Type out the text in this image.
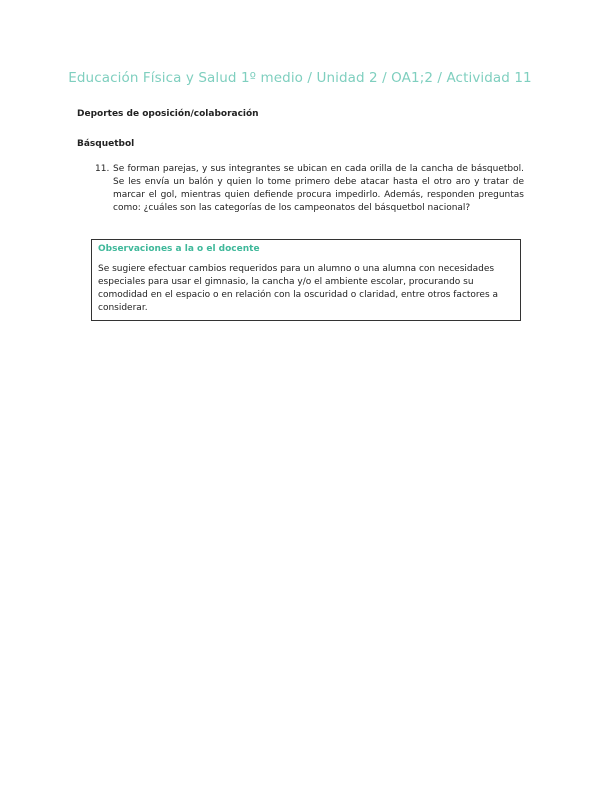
Educación Física y Salud 1º medio / Unidad 2 / OA1;2 / Actividad 11
Deportes de oposición/colaboración
Básquetbol
11. Se forman parejas, y sus integrantes se ubican en cada orilla de la cancha de básquetbol. Se les envía un balón y quien lo tome primero debe atacar hasta el otro aro y tratar de marcar el gol, mientras quien defiende procura impedirlo. Además, responden preguntas como: ¿cuáles son las categorías de los campeonatos del básquetbol nacional?
Observaciones a la o el docente
Se sugiere efectuar cambios requeridos para un alumno o una alumna con necesidades especiales para usar el gimnasio, la cancha y/o el ambiente escolar, procurando su comodidad en el espacio o en relación con la oscuridad o claridad, entre otros factores a considerar.
